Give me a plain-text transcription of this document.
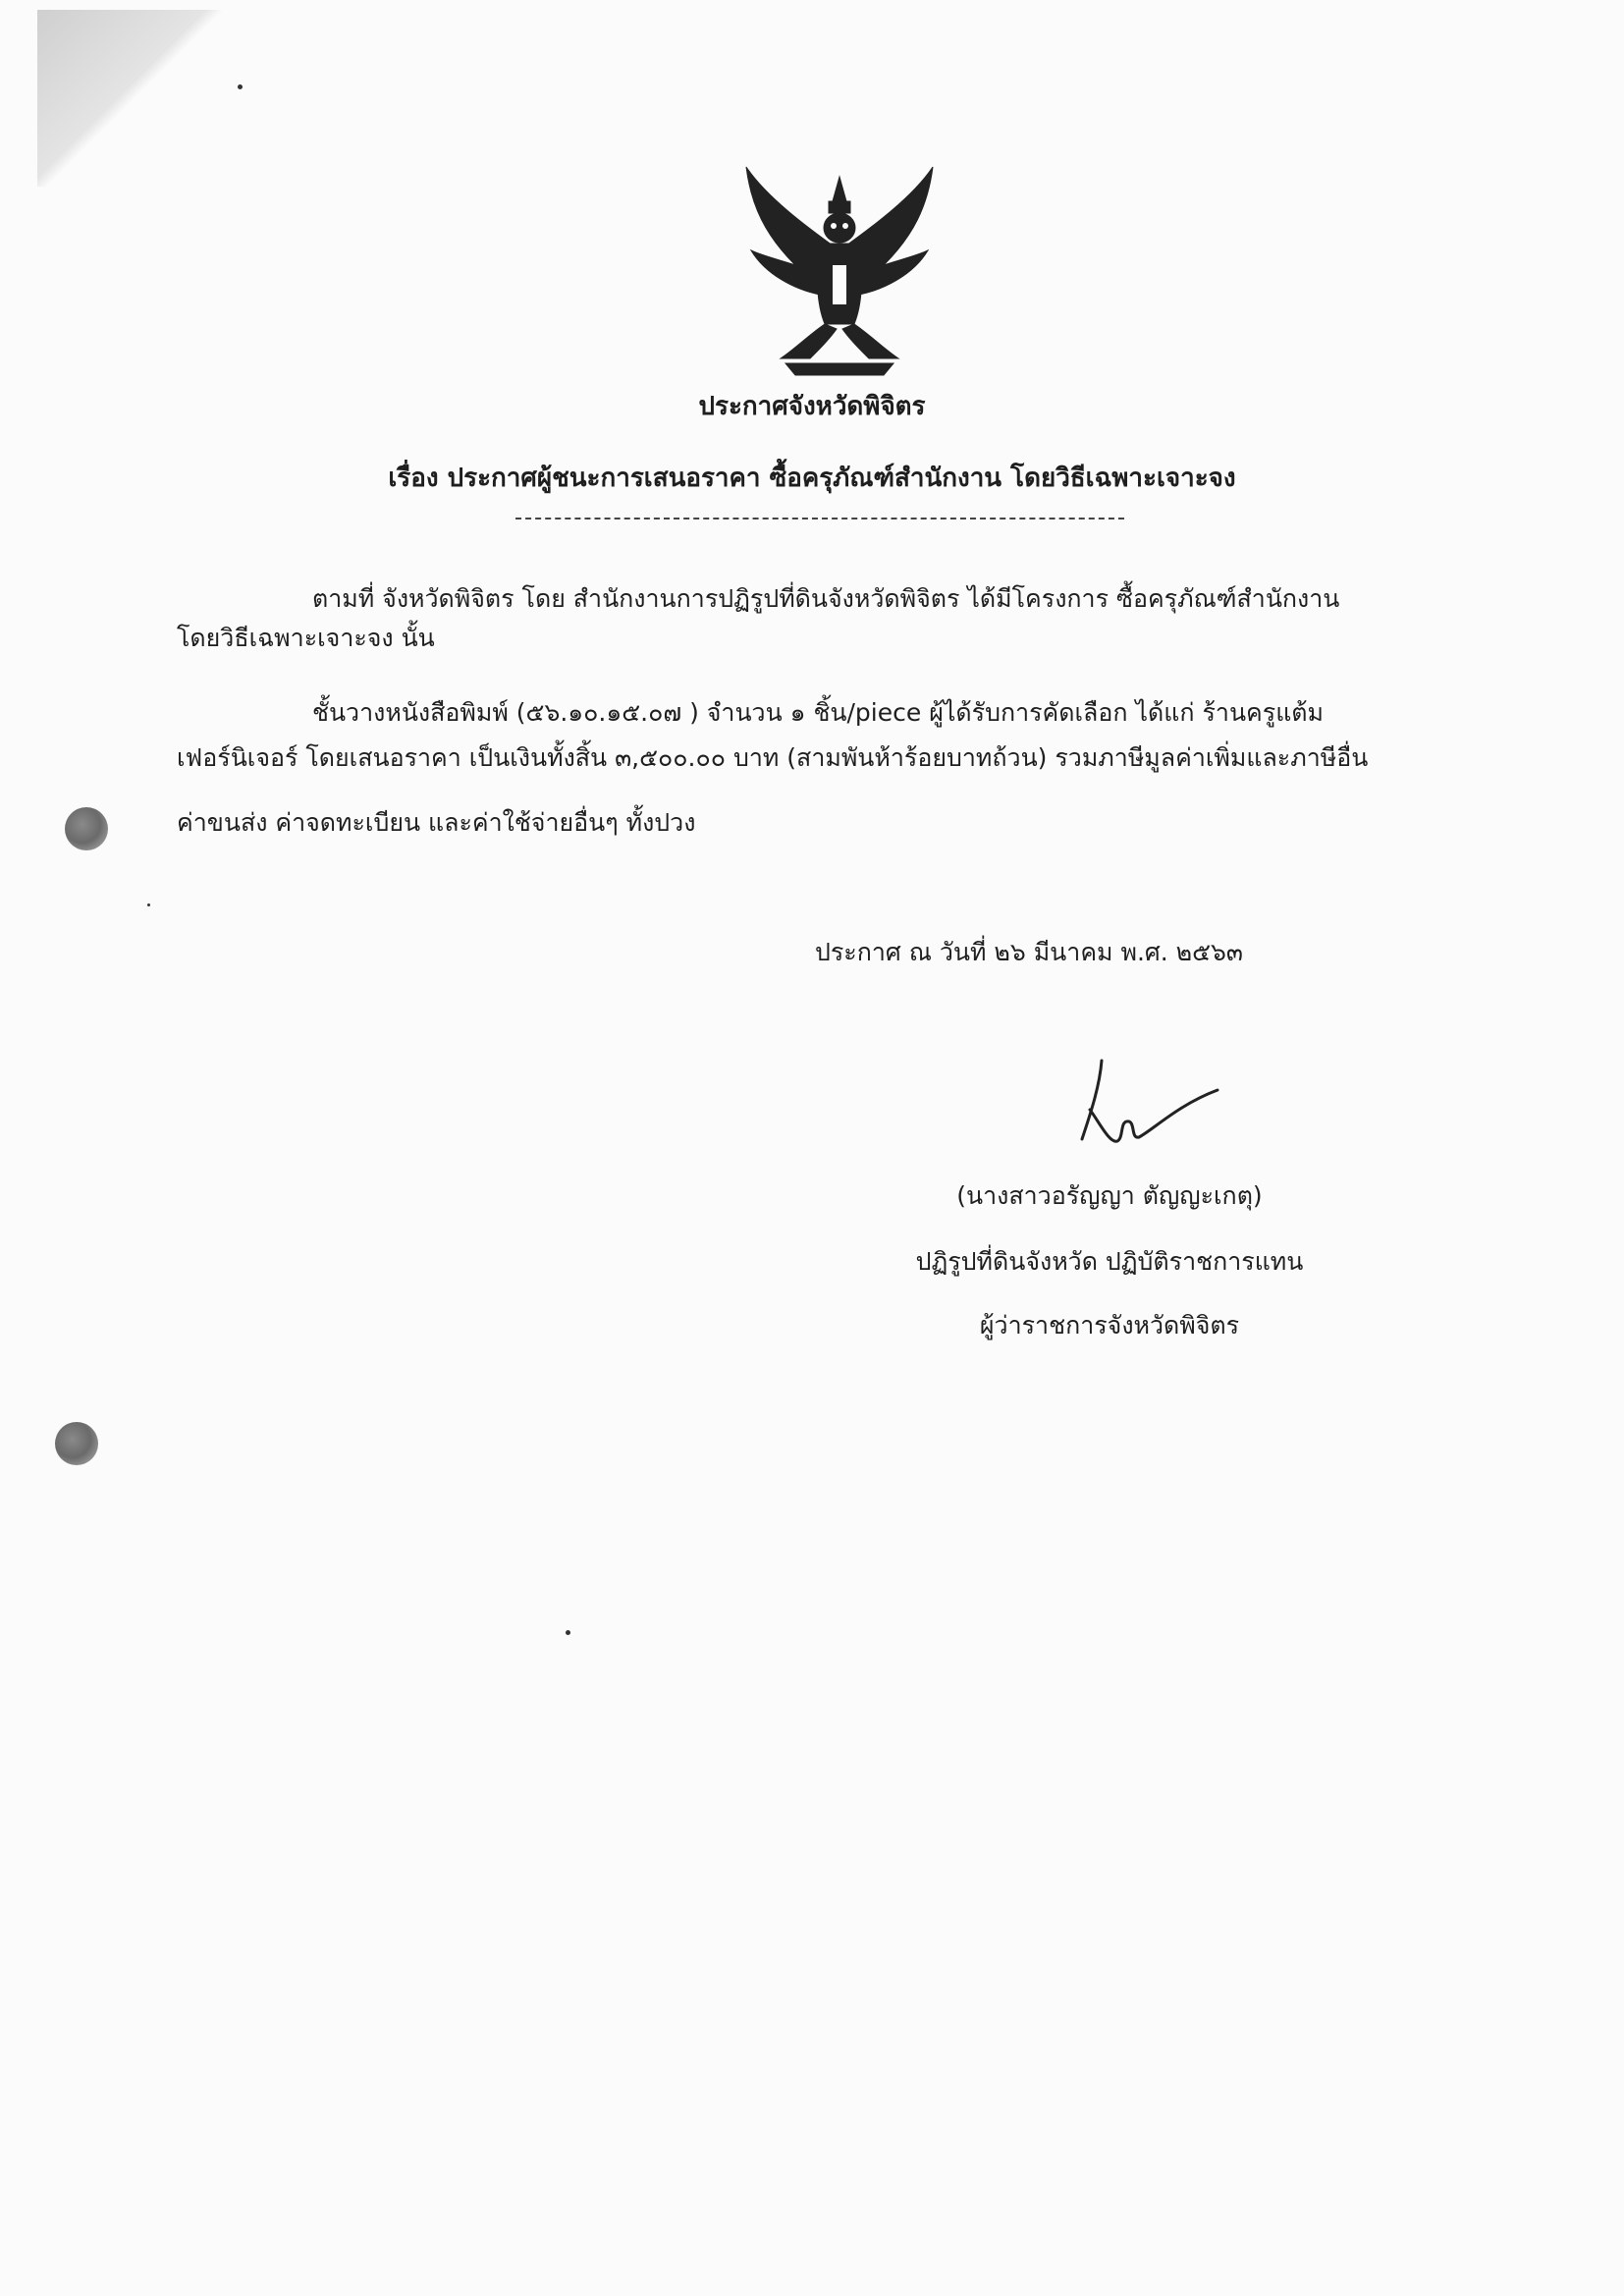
ประกาศจังหวัดพิจิตร
เรื่อง ประกาศผู้ชนะการเสนอราคา ซื้อครุภัณฑ์สำนักงาน โดยวิธีเฉพาะเจาะจง
ตามที่ จังหวัดพิจิตร โดย สำนักงานการปฏิรูปที่ดินจังหวัดพิจิตร ได้มีโครงการ ซื้อครุภัณฑ์สำนักงาน
โดยวิธีเฉพาะเจาะจง นั้น
ชั้นวางหนังสือพิมพ์ (๕๖.๑๐.๑๕.๐๗ ) จำนวน ๑ ชิ้น/piece ผู้ได้รับการคัดเลือก ได้แก่ ร้านครูแต้ม
เฟอร์นิเจอร์ โดยเสนอราคา เป็นเงินทั้งสิ้น ๓,๕๐๐.๐๐ บาท (สามพันห้าร้อยบาทถ้วน) รวมภาษีมูลค่าเพิ่มและภาษีอื่น
ค่าขนส่ง ค่าจดทะเบียน และค่าใช้จ่ายอื่นๆ ทั้งปวง
ประกาศ ณ วันที่ ๒๖ มีนาคม พ.ศ. ๒๕๖๓
(นางสาวอรัญญา ตัญญะเกตุ)
ปฏิรูปที่ดินจังหวัด ปฏิบัติราชการแทน
ผู้ว่าราชการจังหวัดพิจิตร
